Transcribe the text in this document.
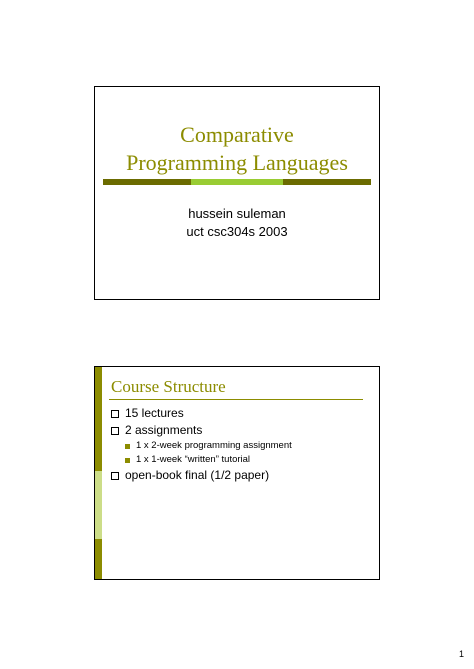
Comparative
Programming Languages
hussein suleman
uct csc304s 2003
Course Structure
15 lectures
2 assignments
1 x 2-week programming assignment
1 x 1-week “written” tutorial
open-book final (1/2 paper)
1
